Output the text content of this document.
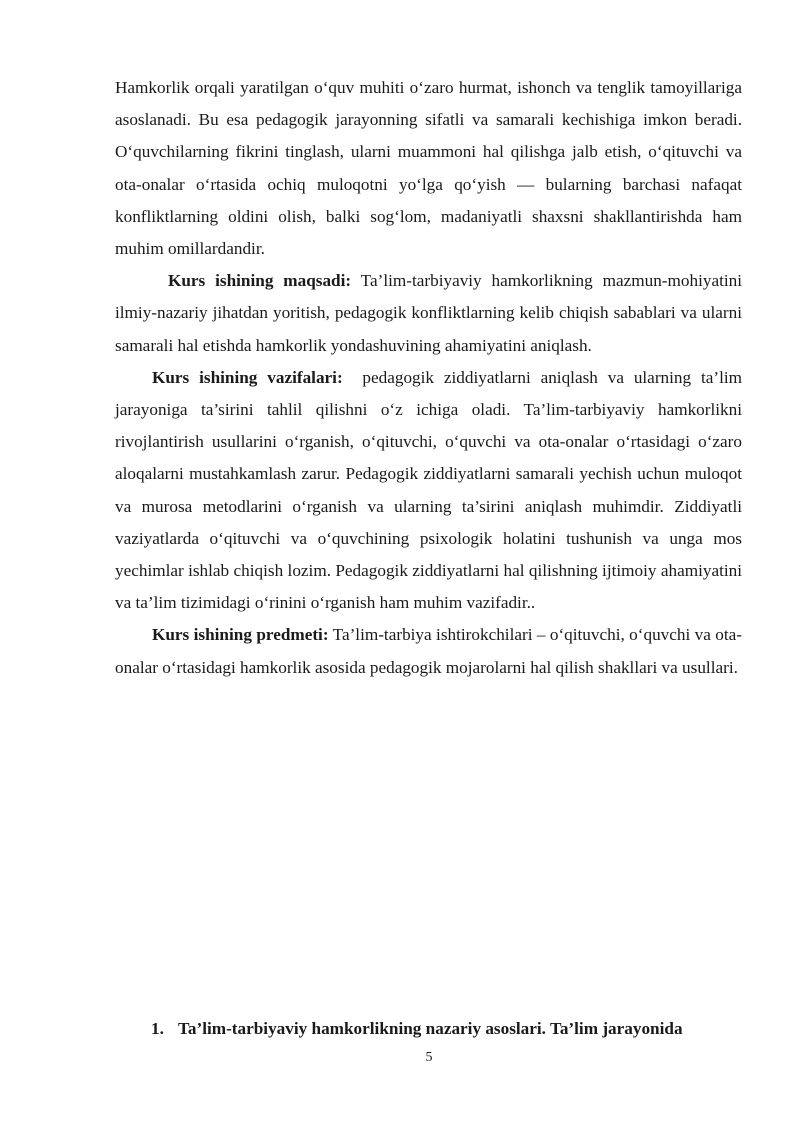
Hamkorlik orqali yaratilgan o‘quv muhiti o‘zaro hurmat, ishonch va tenglik tamoyillariga asoslanadi. Bu esa pedagogik jarayonning sifatli va samarali kechishiga imkon beradi. O‘quvchilarning fikrini tinglash, ularni muammoni hal qilishga jalb etish, o‘qituvchi va ota-onalar o‘rtasida ochiq muloqotni yo‘lga qo‘yish — bularning barchasi nafaqat konfliktlarning oldini olish, balki sog‘lom, madaniyatli shaxsni shakllantirishda ham muhim omillardandir.

Kurs ishining maqsadi: Ta’lim-tarbiyaviy hamkorlikning mazmun-mohiyatini ilmiy-nazariy jihatdan yoritish, pedagogik konfliktlarning kelib chiqish sabablari va ularni samarali hal etishda hamkorlik yondashuvining ahamiyatini aniqlash.

Kurs ishining vazifalari:  pedagogik ziddiyatlarni aniqlash va ularning ta’lim jarayoniga ta’sirini tahlil qilishni o‘z ichiga oladi. Ta’lim-tarbiyaviy hamkorlikni rivojlantirish usullarini o‘rganish, o‘qituvchi, o‘quvchi va ota-onalar o‘rtasidagi o‘zaro aloqalarni mustahkamlash zarur. Pedagogik ziddiyatlarni samarali yechish uchun muloqot va murosa metodlarini o‘rganish va ularning ta’sirini aniqlash muhimdir. Ziddiyatli vaziyatlarda o‘qituvchi va o‘quvchining psixologik holatini tushunish va unga mos yechimlar ishlab chiqish lozim. Pedagogik ziddiyatlarni hal qilishning ijtimoiy ahamiyatini va ta’lim tizimidagi o‘rinini o‘rganish ham muhim vazifadir..

Kurs ishining predmeti: Ta’lim-tarbiya ishtirokchilari – o‘qituvchi, o‘quvchi va ota-onalar o‘rtasidagi hamkorlik asosida pedagogik mojarolarni hal qilish shakllari va usullari.

1. Ta’lim-tarbiyaviy hamkorlikning nazariy asoslari. Ta’lim jarayonida
5
